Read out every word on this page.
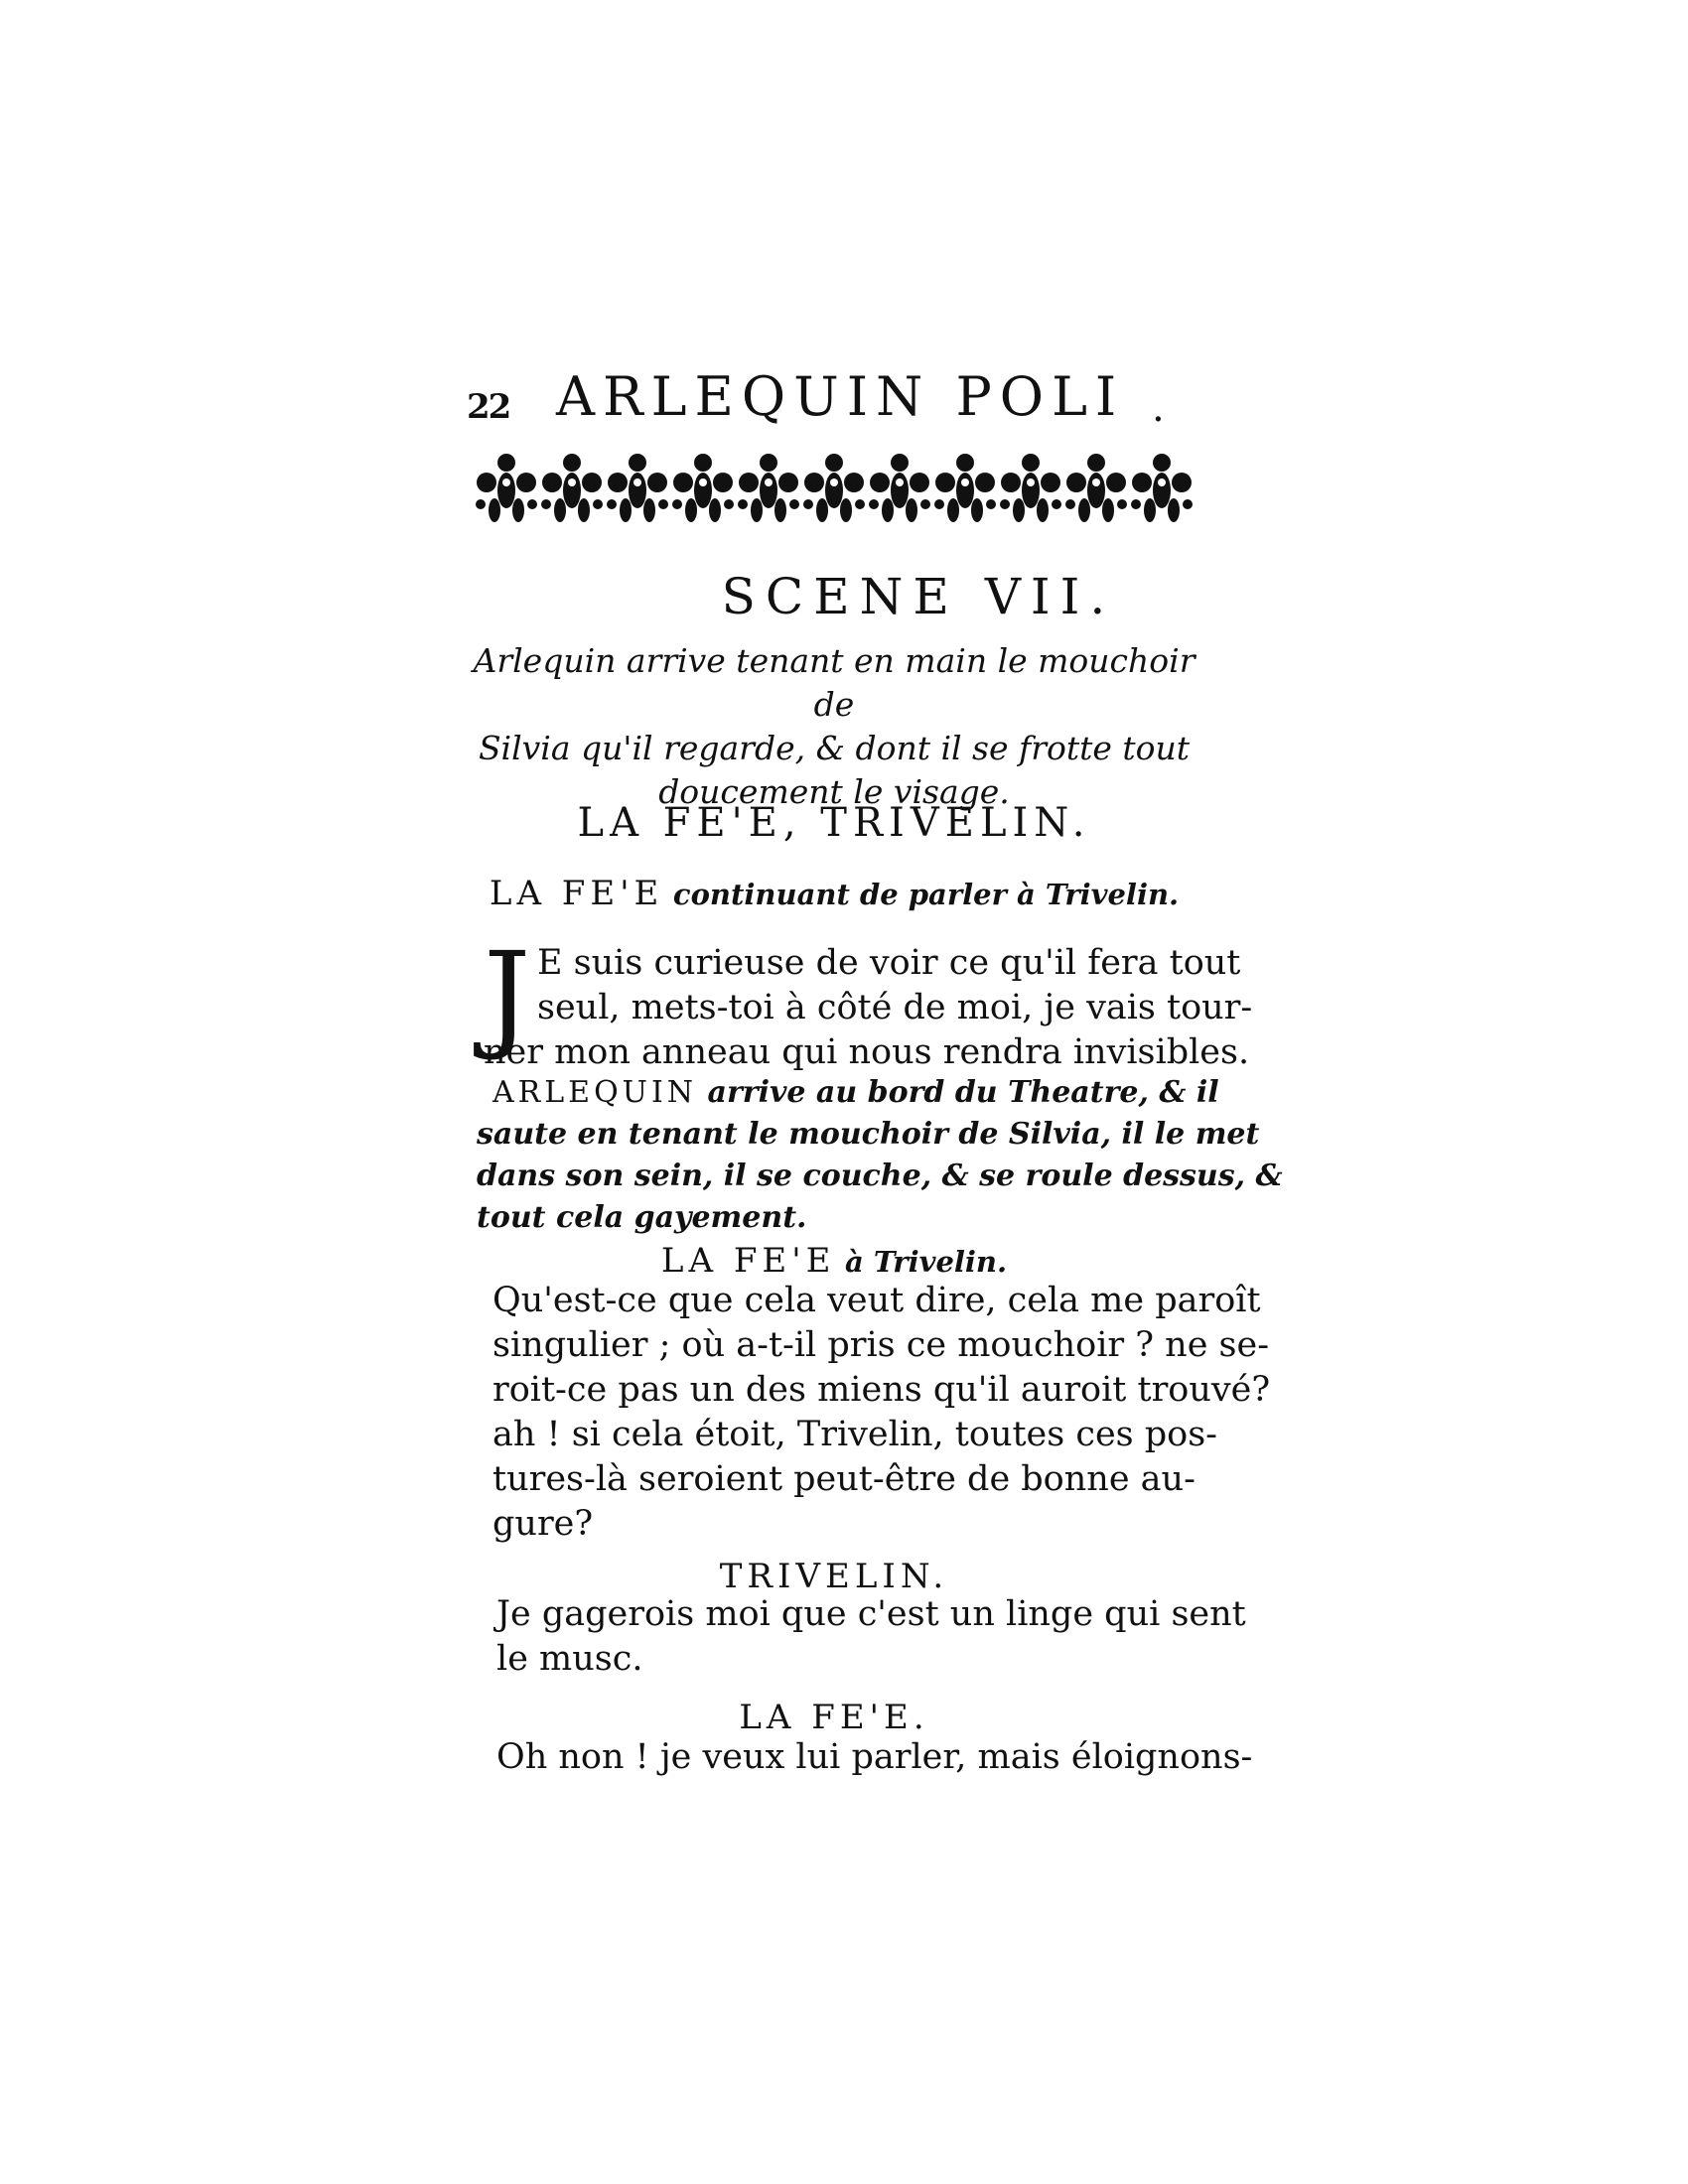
22 ARLEQUIN POLI .
SCENE VII.
Arlequin arrive tenant en main le mouchoir de
Silvia qu'il regarde, & dont il se frotte tout
doucement le visage.
LA FE'E, TRIVELIN.
LA FE'E continuant de parler à Trivelin.
J E suis curieuse de voir ce qu'il fera tout
seul, mets-toi à côté de moi, je vais tour-
ner mon anneau qui nous rendra invisibles.
ARLEQUIN arrive au bord du Theatre, & il
saute en tenant le mouchoir de Silvia, il le met
dans son sein, il se couche, & se roule dessus, &
tout cela gayement.
LA FE'E à Trivelin.
Qu'est-ce que cela veut dire, cela me paroît
singulier ; où a-t-il pris ce mouchoir ? ne se-
roit-ce pas un des miens qu'il auroit trouvé?
ah ! si cela étoit, Trivelin, toutes ces pos-
tures-là seroient peut-être de bonne au-
gure?
TRIVELIN.
Je gagerois moi que c'est un linge qui sent
le musc.
LA FE'E.
Oh non ! je veux lui parler, mais éloignons-
